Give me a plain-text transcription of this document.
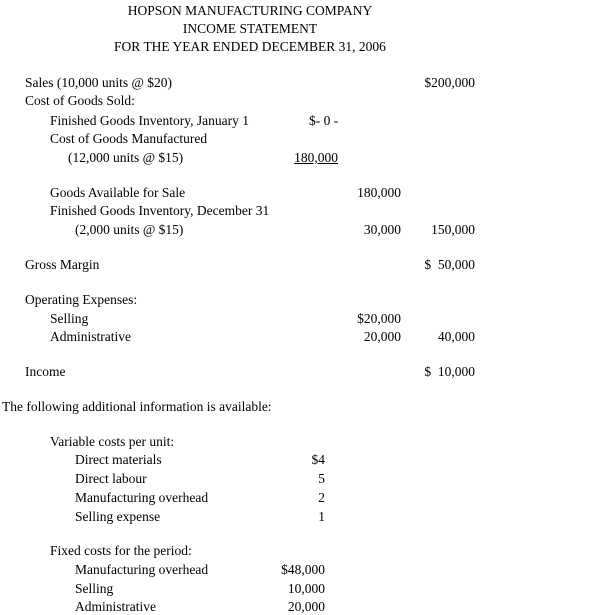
HOPSON MANUFACTURING COMPANY
INCOME STATEMENT
FOR THE YEAR ENDED DECEMBER 31, 2006
Sales (10,000 units @ $20)	$200,000
Cost of Goods Sold:
Finished Goods Inventory, January 1	$- 0 -
Cost of Goods Manufactured
(12,000 units @ $15)	180,000
Goods Available for Sale	180,000
Finished Goods Inventory, December 31
(2,000 units @ $15)	30,000	150,000
Gross Margin	$  50,000
Operating Expenses:
Selling	$20,000
Administrative	20,000	40,000
Income	$  10,000
The following additional information is available:
Variable costs per unit:
Direct materials	$4
Direct labour	5
Manufacturing overhead	2
Selling expense	1
Fixed costs for the period:
Manufacturing overhead	$48,000
Selling	10,000
Administrative	20,000
